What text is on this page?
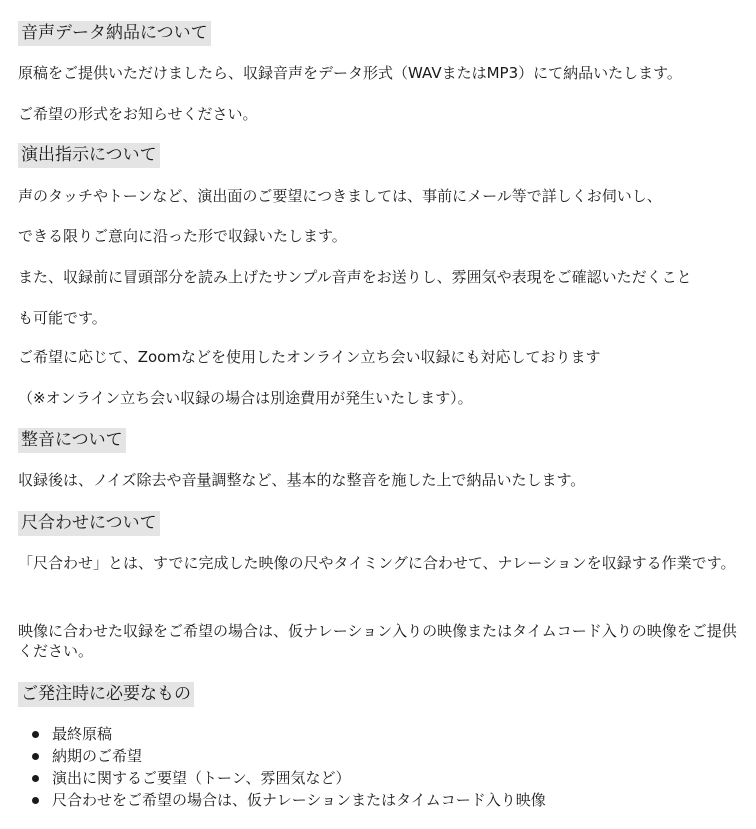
音声データ納品について
原稿をご提供いただけましたら、収録音声をデータ形式（WAVまたはMP3）にて納品いたします。
ご希望の形式をお知らせください。
演出指示について
声のタッチやトーンなど、演出面のご要望につきましては、事前にメール等で詳しくお伺いし、
できる限りご意向に沿った形で収録いたします。
また、収録前に冒頭部分を読み上げたサンプル音声をお送りし、雰囲気や表現をご確認いただくこと
も可能です。
ご希望に応じて、Zoomなどを使用したオンライン立ち会い収録にも対応しております
（※オンライン立ち会い収録の場合は別途費用が発生いたします）。
整音について
収録後は、ノイズ除去や音量調整など、基本的な整音を施した上で納品いたします。
尺合わせについて
「尺合わせ」とは、すでに完成した映像の尺やタイミングに合わせて、ナレーションを収録する作業です。
映像に合わせた収録をご希望の場合は、仮ナレーション入りの映像またはタイムコード入りの映像をご提供ください。
ご発注時に必要なもの
最終原稿
納期のご希望
演出に関するご要望（トーン、雰囲気など）
尺合わせをご希望の場合は、仮ナレーションまたはタイムコード入り映像
